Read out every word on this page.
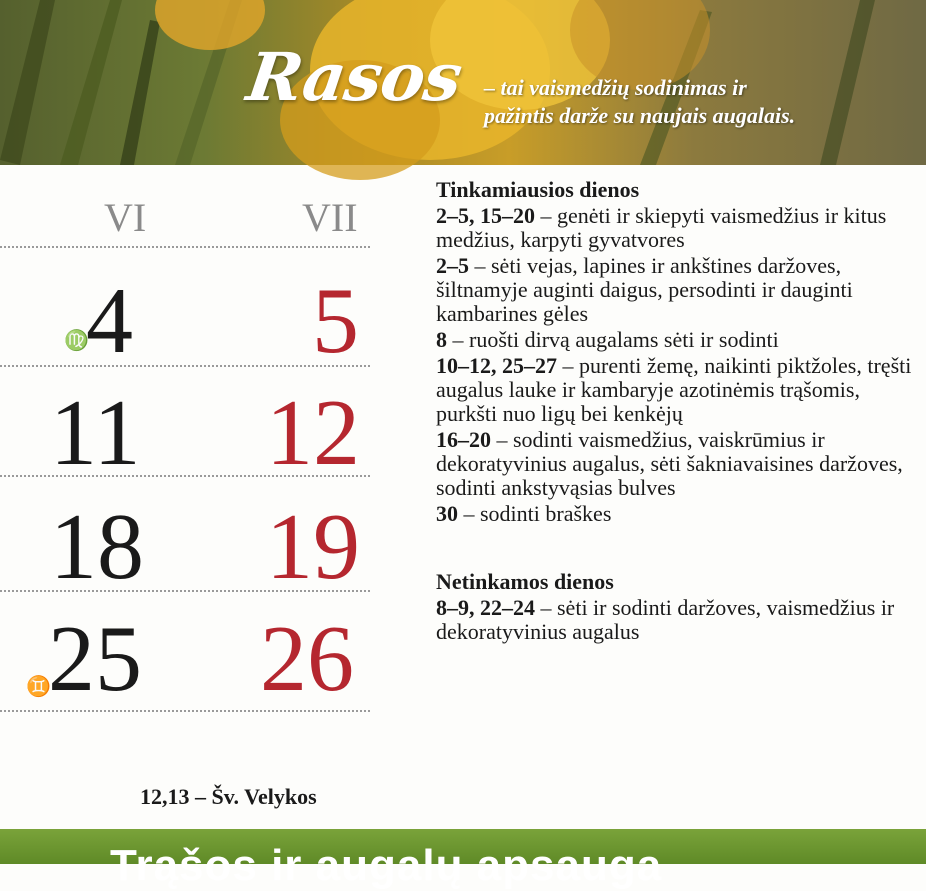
Rasos – tai vaismedžių sodinimas ir
pažintis darže su naujais augalais.
VI	VII
♍
4 5
11 12
18 19
♊
25 26
12,13 – Šv. Velykos
Tinkamiausios dienos

2–5, 15–20 – genėti ir skiepyti vaismedžius ir kitus medžius, karpyti gyvatvores

2–5 – sėti vejas, lapines ir ankštines daržoves, šiltnamyje auginti daigus, persodinti ir dauginti kambarines gėles

8 – ruošti dirvą augalams sėti ir sodinti

10–12, 25–27 – purenti žemę, naikinti piktžoles, tręšti augalus lauke ir kambaryje azotinėmis trąšomis, purkšti nuo ligų bei kenkėjų

16–20 – sodinti vaismedžius, vaiskrūmius ir dekoratyvinius augalus, sėti šakniavaisines daržoves, sodinti ankstyvąsias bulves

30 – sodinti braškes

Netinkamos dienos

8–9, 22–24 – sėti ir sodinti daržoves, vaismedžius ir dekoratyvinius augalus

Trąšos ir augalų apsauga
